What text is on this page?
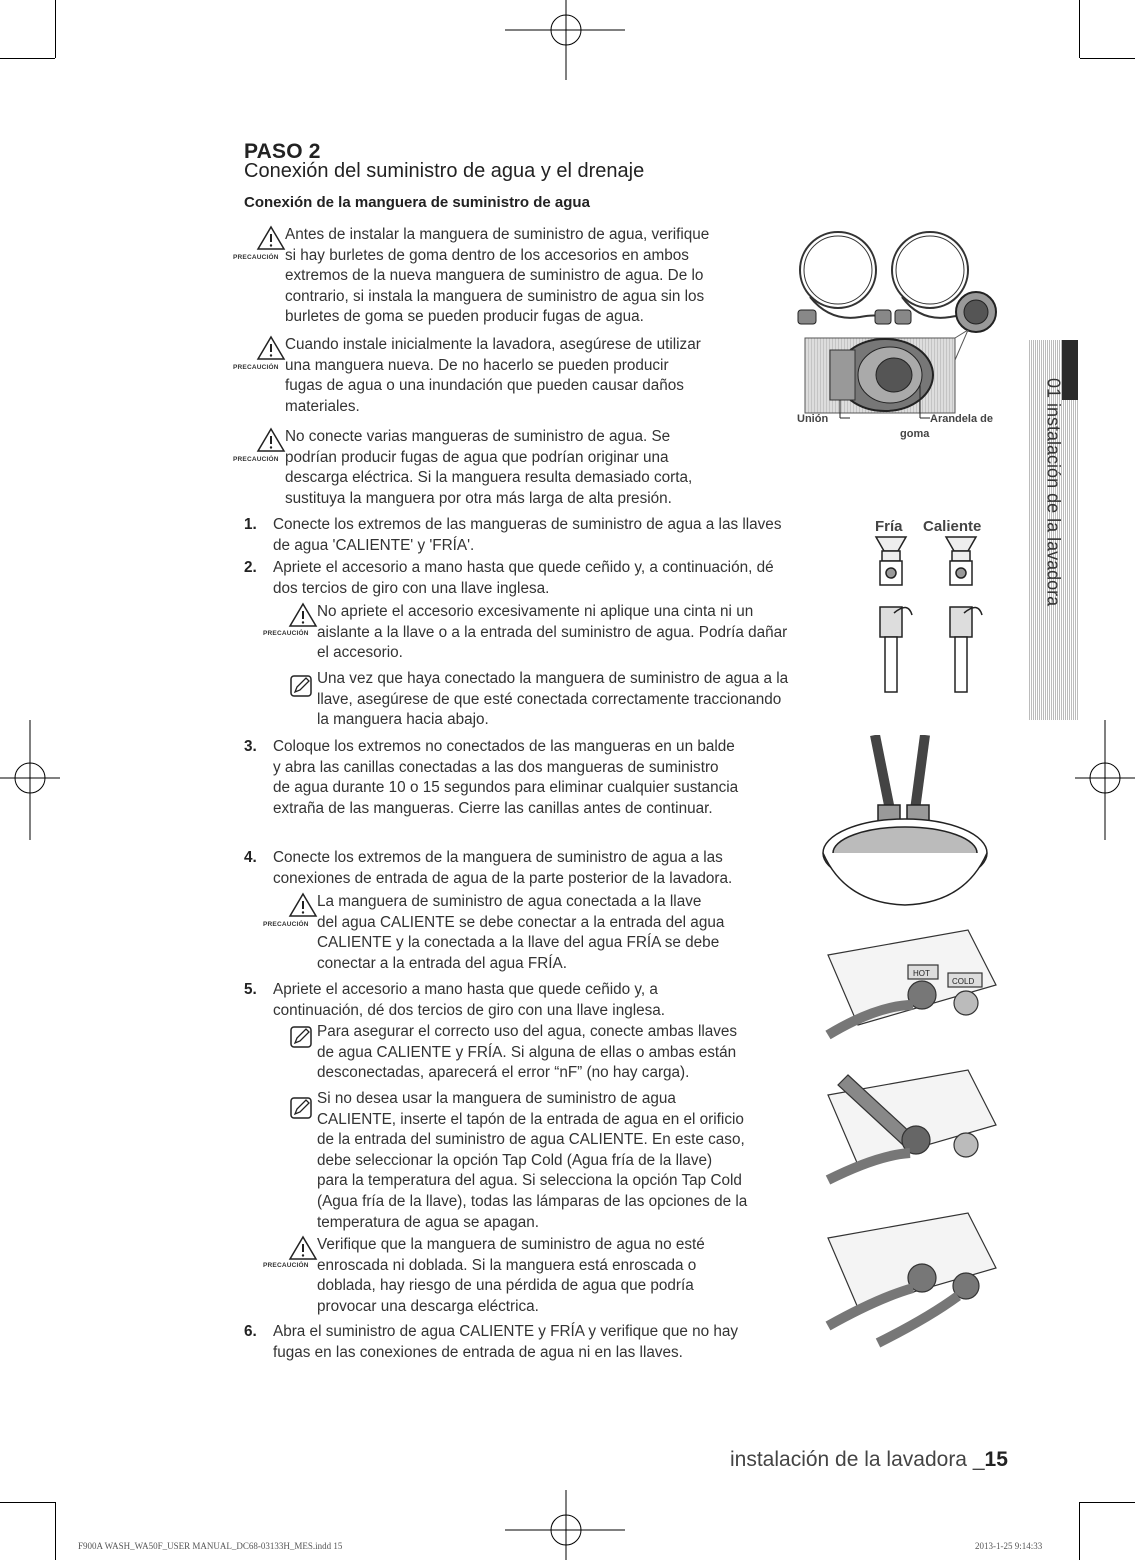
PASO 2
Conexión del suministro de agua y el drenaje
Conexión de la manguera de suministro de agua
PRECAUCIÓN
Antes de instalar la manguera de suministro de agua, verifique
si hay burletes de goma dentro de los accesorios en ambos
extremos de la nueva manguera de suministro de agua. De lo
contrario, si instala la manguera de suministro de agua sin los
burletes de goma se pueden producir fugas de agua.
PRECAUCIÓN
Cuando instale inicialmente la lavadora, asegúrese de utilizar
una manguera nueva. De no hacerlo se pueden producir
fugas de agua o una inundación que pueden causar daños
materiales.
PRECAUCIÓN
No conecte varias mangueras de suministro de agua. Se
podrían producir fugas de agua que podrían originar una
descarga eléctrica. Si la manguera resulta demasiado corta,
sustituya la manguera por otra más larga de alta presión.
1. Conecte los extremos de las mangueras de suministro de agua a las llaves
de agua 'CALIENTE' y 'FRÍA'.
2. Apriete el accesorio a mano hasta que quede ceñido y, a continuación, dé
dos tercios de giro con una llave inglesa.
3. Coloque los extremos no conectados de las mangueras en un balde
y abra las canillas conectadas a las dos mangueras de suministro
de agua durante 10 o 15 segundos para eliminar cualquier sustancia
extraña de las mangueras. Cierre las canillas antes de continuar.
4. Conecte los extremos de la manguera de suministro de agua a las
conexiones de entrada de agua de la parte posterior de la lavadora.
5. Apriete el accesorio a mano hasta que quede ceñido y, a
continuación, dé dos tercios de giro con una llave inglesa.
6. Abra el suministro de agua CALIENTE y FRÍA y verifique que no hay
fugas en las conexiones de entrada de agua ni en las llaves.
PRECAUCIÓN
No apriete el accesorio excesivamente ni aplique una cinta ni un
aislante a la llave o a la entrada del suministro de agua. Podría dañar
el accesorio.
Una vez que haya conectado la manguera de suministro de agua a la
llave, asegúrese de que esté conectada correctamente traccionando
la manguera hacia abajo.
PRECAUCIÓN
La manguera de suministro de agua conectada a la llave
del agua CALIENTE se debe conectar a la entrada del agua
CALIENTE y la conectada a la llave del agua FRÍA se debe
conectar a la entrada del agua FRÍA.
Para asegurar el correcto uso del agua, conecte ambas llaves
de agua CALIENTE y FRÍA. Si alguna de ellas o ambas están
desconectadas, aparecerá el error “nF” (no hay carga).
Si no desea usar la manguera de suministro de agua
CALIENTE, inserte el tapón de la entrada de agua en el orificio
de la entrada del suministro de agua CALIENTE. En este caso,
debe seleccionar la opción Tap Cold (Agua fría de la llave)
para la temperatura del agua. Si selecciona la opción Tap Cold
(Agua fría de la llave), todas las lámparas de las opciones de la
temperatura de agua se apagan.
PRECAUCIÓN
Verifique que la manguera de suministro de agua no esté
enroscada ni doblada. Si la manguera está enroscada o
doblada, hay riesgo de una pérdida de agua que podría
provocar una descarga eléctrica.
01 instalación de la lavadora
Unión	Arandela de
goma
Fría Caliente
HOT
COLD
instalación de la lavadora _15
F900A WASH_WA50F_USER MANUAL_DC68-03133H_MES.indd 15	2013-1-25 9:14:33
